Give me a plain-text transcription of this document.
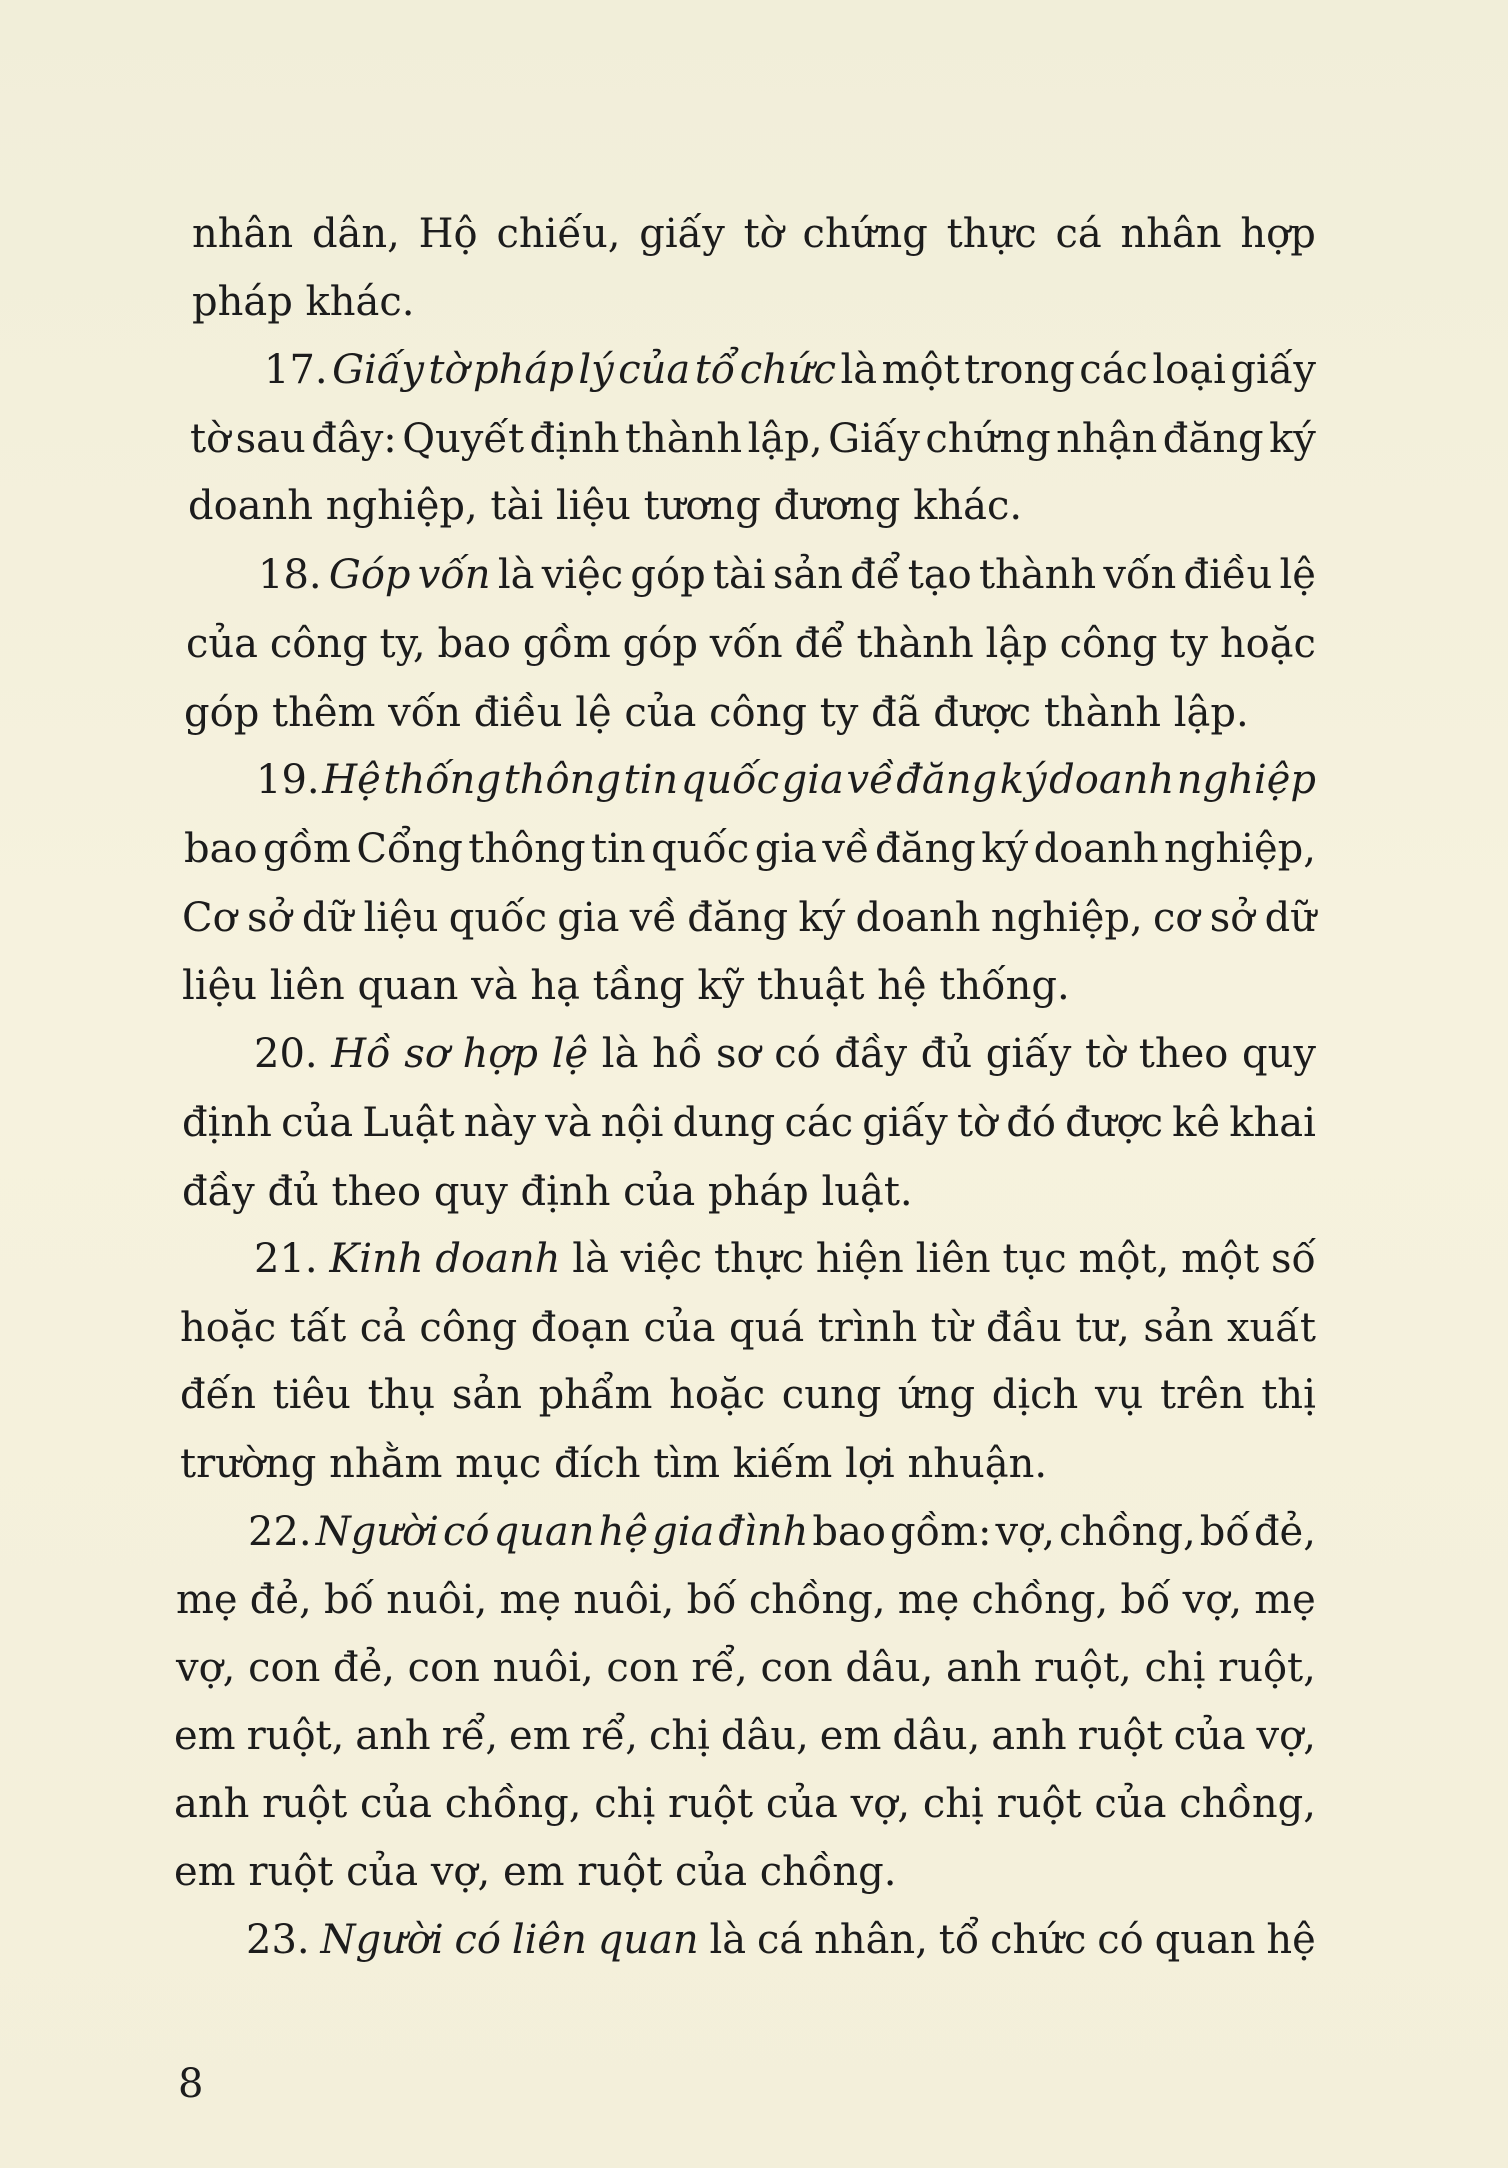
nhân dân, Hộ chiếu, giấy tờ chứng thực cá nhân hợp
pháp khác.
17. Giấy tờ pháp lý của tổ chức là một trong các loại giấy
tờ sau đây: Quyết định thành lập, Giấy chứng nhận đăng ký
doanh nghiệp, tài liệu tương đương khác.
18. Góp vốn là việc góp tài sản để tạo thành vốn điều lệ
của công ty, bao gồm góp vốn để thành lập công ty hoặc
góp thêm vốn điều lệ của công ty đã được thành lập.
19. Hệ thống thông tin quốc gia về đăng ký doanh nghiệp
bao gồm Cổng thông tin quốc gia về đăng ký doanh nghiệp,
Cơ sở dữ liệu quốc gia về đăng ký doanh nghiệp, cơ sở dữ
liệu liên quan và hạ tầng kỹ thuật hệ thống.
20. Hồ sơ hợp lệ là hồ sơ có đầy đủ giấy tờ theo quy
định của Luật này và nội dung các giấy tờ đó được kê khai
đầy đủ theo quy định của pháp luật.
21. Kinh doanh là việc thực hiện liên tục một, một số
hoặc tất cả công đoạn của quá trình từ đầu tư, sản xuất
đến tiêu thụ sản phẩm hoặc cung ứng dịch vụ trên thị
trường nhằm mục đích tìm kiếm lợi nhuận.
22. Người có quan hệ gia đình bao gồm: vợ, chồng, bố đẻ,
mẹ đẻ, bố nuôi, mẹ nuôi, bố chồng, mẹ chồng, bố vợ, mẹ
vợ, con đẻ, con nuôi, con rể, con dâu, anh ruột, chị ruột,
em ruột, anh rể, em rể, chị dâu, em dâu, anh ruột của vợ,
anh ruột của chồng, chị ruột của vợ, chị ruột của chồng,
em ruột của vợ, em ruột của chồng.
23. Người có liên quan là cá nhân, tổ chức có quan hệ
8
